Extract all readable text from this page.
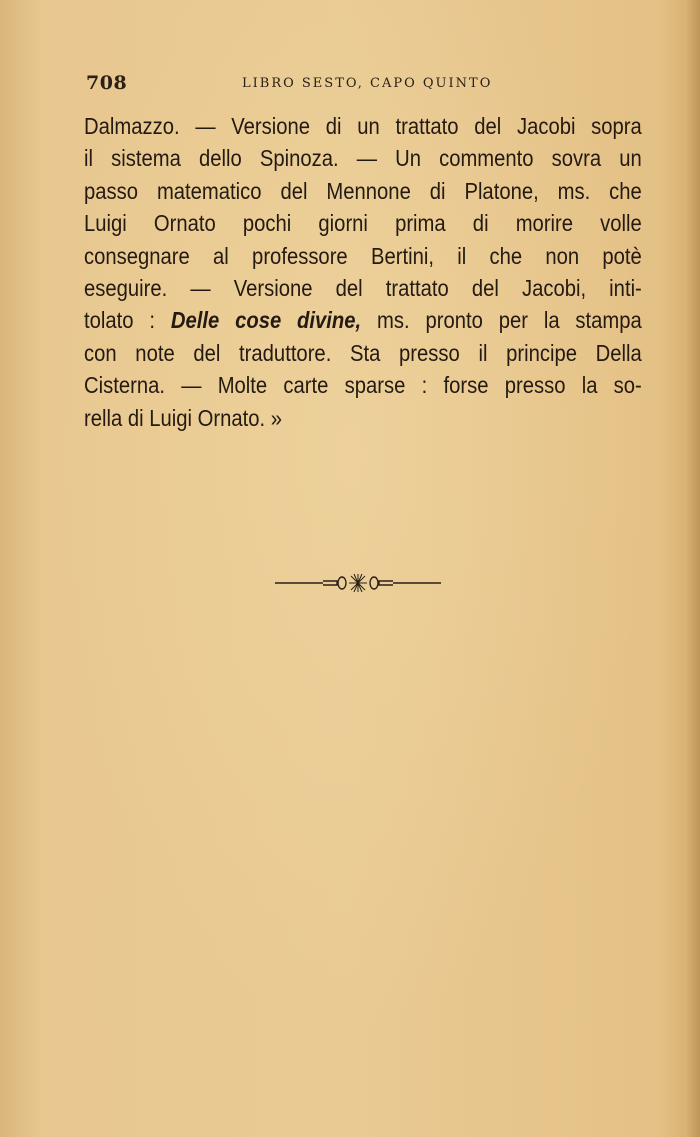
708	LIBRO SESTO, CAPO QUINTO
Dalmazzo. — Versione di un trattato del Jacobi sopra
il sistema dello Spinoza. — Un commento sovra un
passo matematico del Mennone di Platone, ms. che
Luigi Ornato pochi giorni prima di morire volle
consegnare al professore Bertini, il che non potè
eseguire. — Versione del trattato del Jacobi, inti-
tolato : Delle cose divine, ms. pronto per la stampa
con note del traduttore. Sta presso il principe Della
Cisterna. — Molte carte sparse : forse presso la so-
rella di Luigi Ornato. »
